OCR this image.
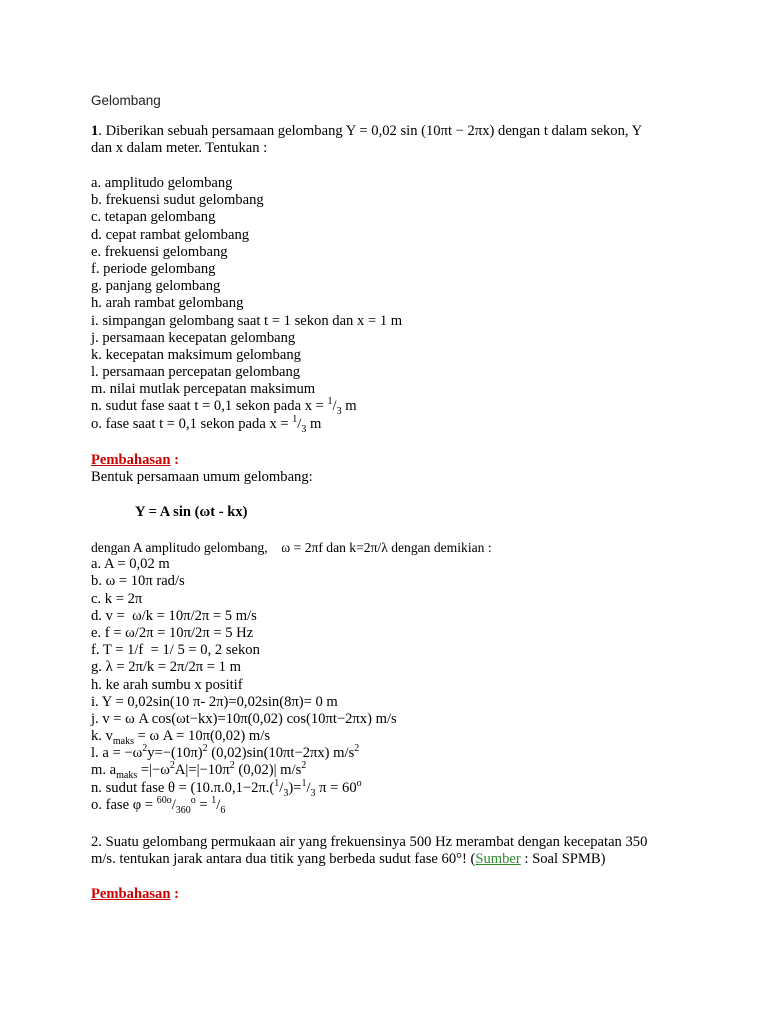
Gelombang
1. Diberikan sebuah persamaan gelombang Y = 0,02 sin (10πt − 2πx) dengan t dalam sekon, Y
dan x dalam meter. Tentukan :
a. amplitudo gelombang
b. frekuensi sudut gelombang
c. tetapan gelombang
d. cepat rambat gelombang
e. frekuensi gelombang
f. periode gelombang
g. panjang gelombang
h. arah rambat gelombang
i. simpangan gelombang saat t = 1 sekon dan x = 1 m
j. persamaan kecepatan gelombang
k. kecepatan maksimum gelombang
l. persamaan percepatan gelombang
m. nilai mutlak percepatan maksimum
n. sudut fase saat t = 0,1 sekon pada $x = ^1/_3$ m
o. fase saat t = 0,1 sekon pada $x = ^1/_3$ m
Pembahasan :
Bentuk persamaan umum gelombang:
Y = A sin (ωt - kx)
dengan A amplitudo gelombang,    ω = 2πf dan k=2π/λ dengan demikian :
a. A = 0,02 m
b. ω = 10π rad/s
c. k = 2π
d. v =  ω/k = 10π/2π = 5 m/s
e. f = ω/2π = 10π/2π = 5 Hz
f. T = 1/f  = 1/ 5 = 0, 2 sekon
g. λ = 2π/k = 2π/2π = 1 m
h. ke arah sumbu x positif
i. Y = 0,02sin(10 π- 2π)=0,02sin(8π)= 0 m
j. v = ω A cos(ωt−kx)=10π(0,02) cos(10πt−2πx) m/s
k. $v_{maks} = \omega$ A = 10π(0,02) m/s
l. $a = -\omega^2y=-(10\pi)^2$ (0,02)sin(10πt−2πx) $m/s^2$
m. $a_{maks} =|-\omega^2A|=|-10\pi^2$ (0,02)| $m/s^2$
n. sudut fase $\theta = (10.\pi.0,1-2\pi.(^1/_3)=^1/_3$ $\pi = 60^o$
o. fase $\varphi = ^{60o}/_{360}^o = ^1/_6$
2. Suatu gelombang permukaan air yang frekuensinya 500 Hz merambat dengan kecepatan 350
m/s. tentukan jarak antara dua titik yang berbeda sudut fase 60°! (Sumber : Soal SPMB)
Pembahasan :
